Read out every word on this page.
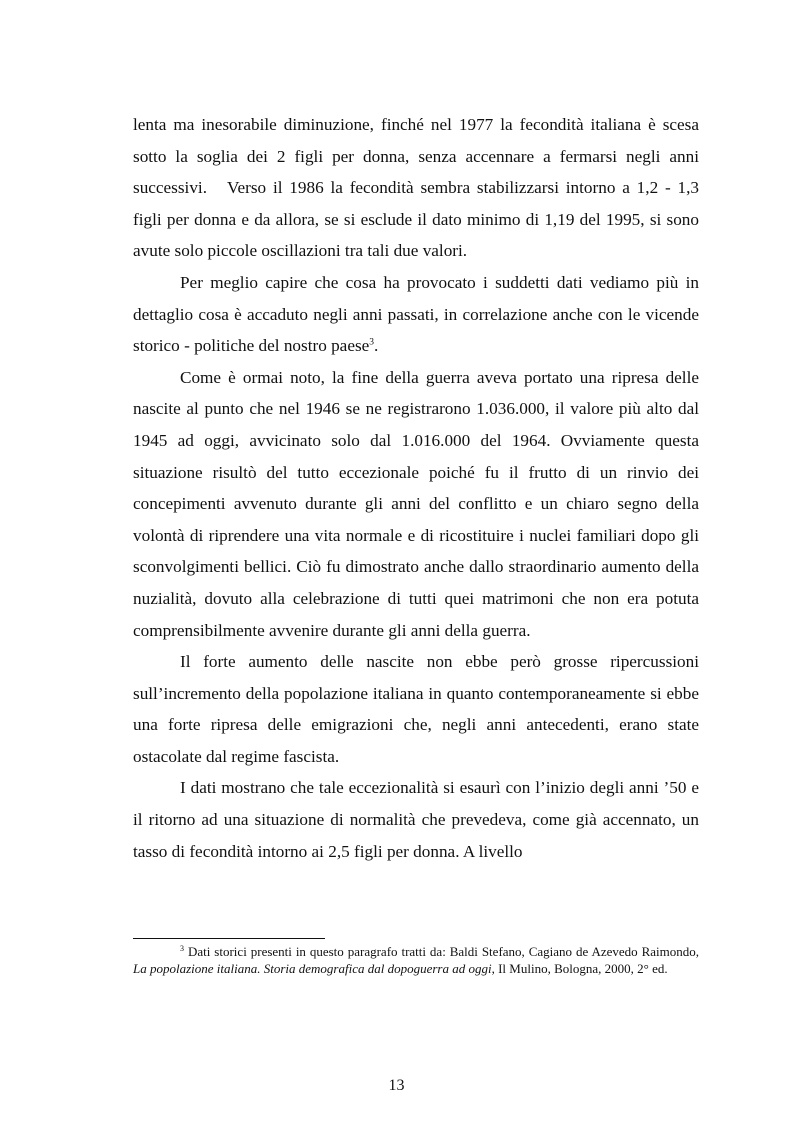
lenta ma inesorabile diminuzione, finché nel 1977 la fecondità italiana è scesa sotto la soglia dei 2 figli per donna, senza accennare a fermarsi negli anni successivi. Verso il 1986 la fecondità sembra stabilizzarsi intorno a 1,2 - 1,3 figli per donna e da allora, se si esclude il dato minimo di 1,19 del 1995, si sono avute solo piccole oscillazioni tra tali due valori.

Per meglio capire che cosa ha provocato i suddetti dati vediamo più in dettaglio cosa è accaduto negli anni passati, in correlazione anche con le vicende storico - politiche del nostro paese$^3$.

Come è ormai noto, la fine della guerra aveva portato una ripresa delle nascite al punto che nel 1946 se ne registrarono 1.036.000, il valore più alto dal 1945 ad oggi, avvicinato solo dal 1.016.000 del 1964. Ovviamente questa situazione risultò del tutto eccezionale poiché fu il frutto di un rinvio dei concepimenti avvenuto durante gli anni del conflitto e un chiaro segno della volontà di riprendere una vita normale e di ricostituire i nuclei familiari dopo gli sconvolgimenti bellici. Ciò fu dimostrato anche dallo straordinario aumento della nuzialità, dovuto alla celebrazione di tutti quei matrimoni che non era potuta comprensibilmente avvenire durante gli anni della guerra.

Il forte aumento delle nascite non ebbe però grosse ripercussioni sull’incremento della popolazione italiana in quanto contemporaneamente si ebbe una forte ripresa delle emigrazioni che, negli anni antecedenti, erano state ostacolate dal regime fascista.

I dati mostrano che tale eccezionalità si esaurì con l’inizio degli anni ’50 e il ritorno ad una situazione di normalità che prevedeva, come già accennato, un tasso di fecondità intorno ai 2,5 figli per donna. A livello

$^3$ Dati storici presenti in questo paragrafo tratti da: Baldi Stefano, Cagiano de Azevedo Raimondo, La popolazione italiana. Storia demografica dal dopoguerra ad oggi, Il Mulino, Bologna, 2000, 2° ed.

13
